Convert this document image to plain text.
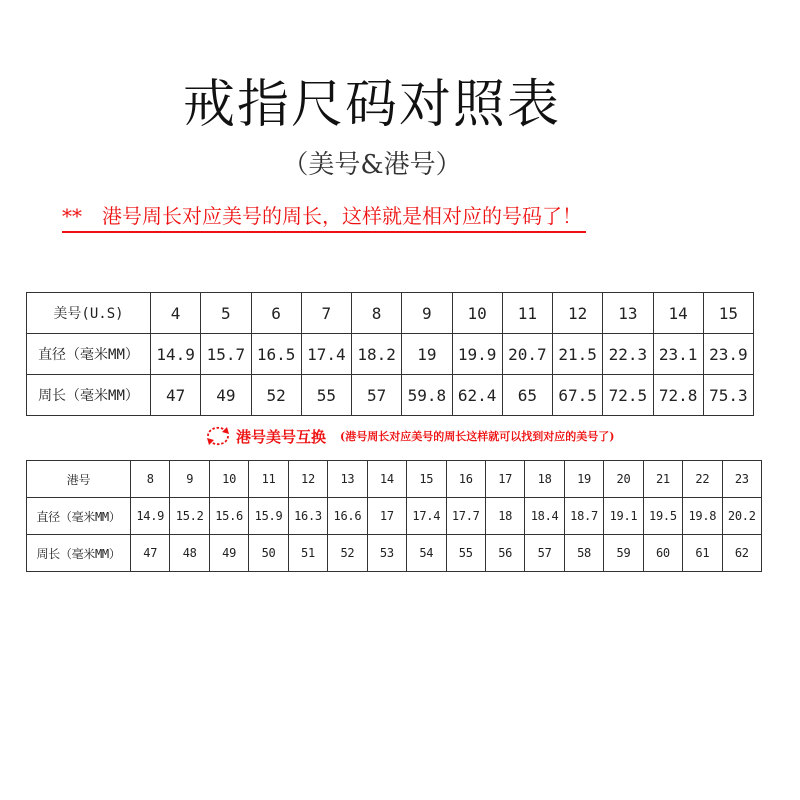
戒指尺码对照表
（美号&港号）
**　港号周长对应美号的周长，这样就是相对应的号码了！
美号(U.S)	4	5	6	7	8	9	10	11	12	13	14	15
直径（毫米MM）	14.9	15.7	16.5	17.4	18.2	19	19.9	20.7	21.5	22.3	23.1	23.9
周长（毫米MM）	47	49	52	55	57	59.8	62.4	65	67.5	72.5	72.8	75.3
港号美号互换 (港号周长对应美号的周长这样就可以找到对应的美号了)
港号	8	9	10	11	12	13	14	15	16	17	18	19	20	21	22	23
直径（毫米MM）	14.9	15.2	15.6	15.9	16.3	16.6	17	17.4	17.7	18	18.4	18.7	19.1	19.5	19.8	20.2
周长（毫米MM）	47	48	49	50	51	52	53	54	55	56	57	58	59	60	61	62
